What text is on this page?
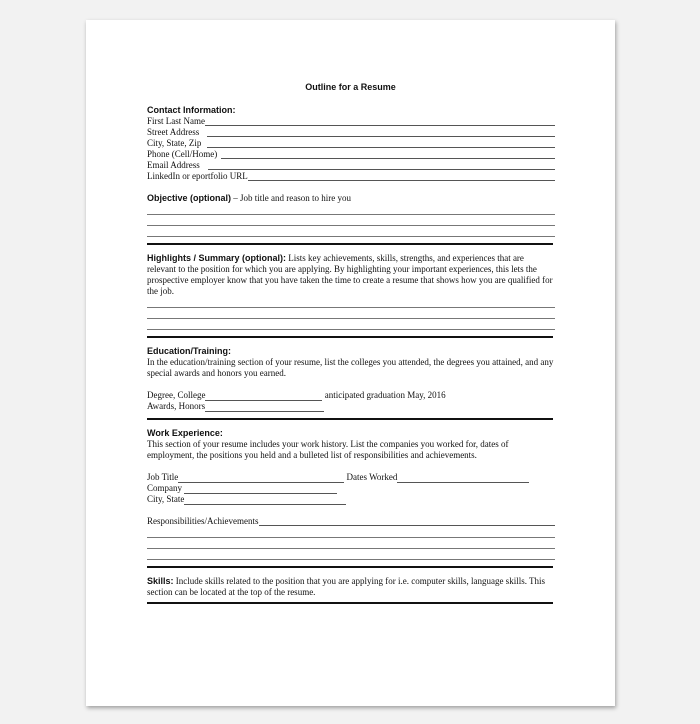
Outline for a Resume
Contact Information:
First Last Name
Street Address
City, State, Zip
Phone (Cell/Home)
Email Address
LinkedIn or eportfolio URL
Objective (optional) – Job title and reason to hire you
Highlights / Summary (optional): Lists key achievements, skills, strengths, and experiences that are relevant to the position for which you are applying. By highlighting your important experiences, this lets the prospective employer know that you have taken the time to create a resume that shows how you are qualified for the job.
Education/Training:
In the education/training section of your resume, list the colleges you attended, the degrees you attained, and any special awards and honors you earned.
Degree, College	anticipated graduation May, 2016
Awards, Honors
Work Experience:
This section of your resume includes your work history. List the companies you worked for, dates of employment, the positions you held and a bulleted list of responsibilities and achievements.
Job Title	Dates Worked
Company
City, State
Responsibilities/Achievements
Skills: Include skills related to the position that you are applying for i.e. computer skills, language skills. This section can be located at the top of the resume.
